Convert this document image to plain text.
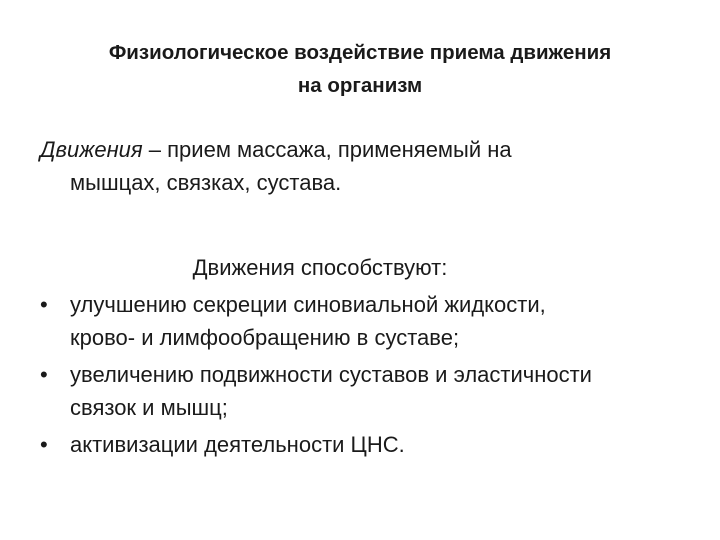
Физиологическое воздействие приема движения
на организм
Движения – прием массажа, применяемый на
мышцах, связках, сустава.
Движения способствуют:
• улучшению секреции синовиальной жидкости,
крово- и лимфообращению в суставе;
• увеличению подвижности суставов и эластичности
связок и мышц;
• активизации деятельности ЦНС.
